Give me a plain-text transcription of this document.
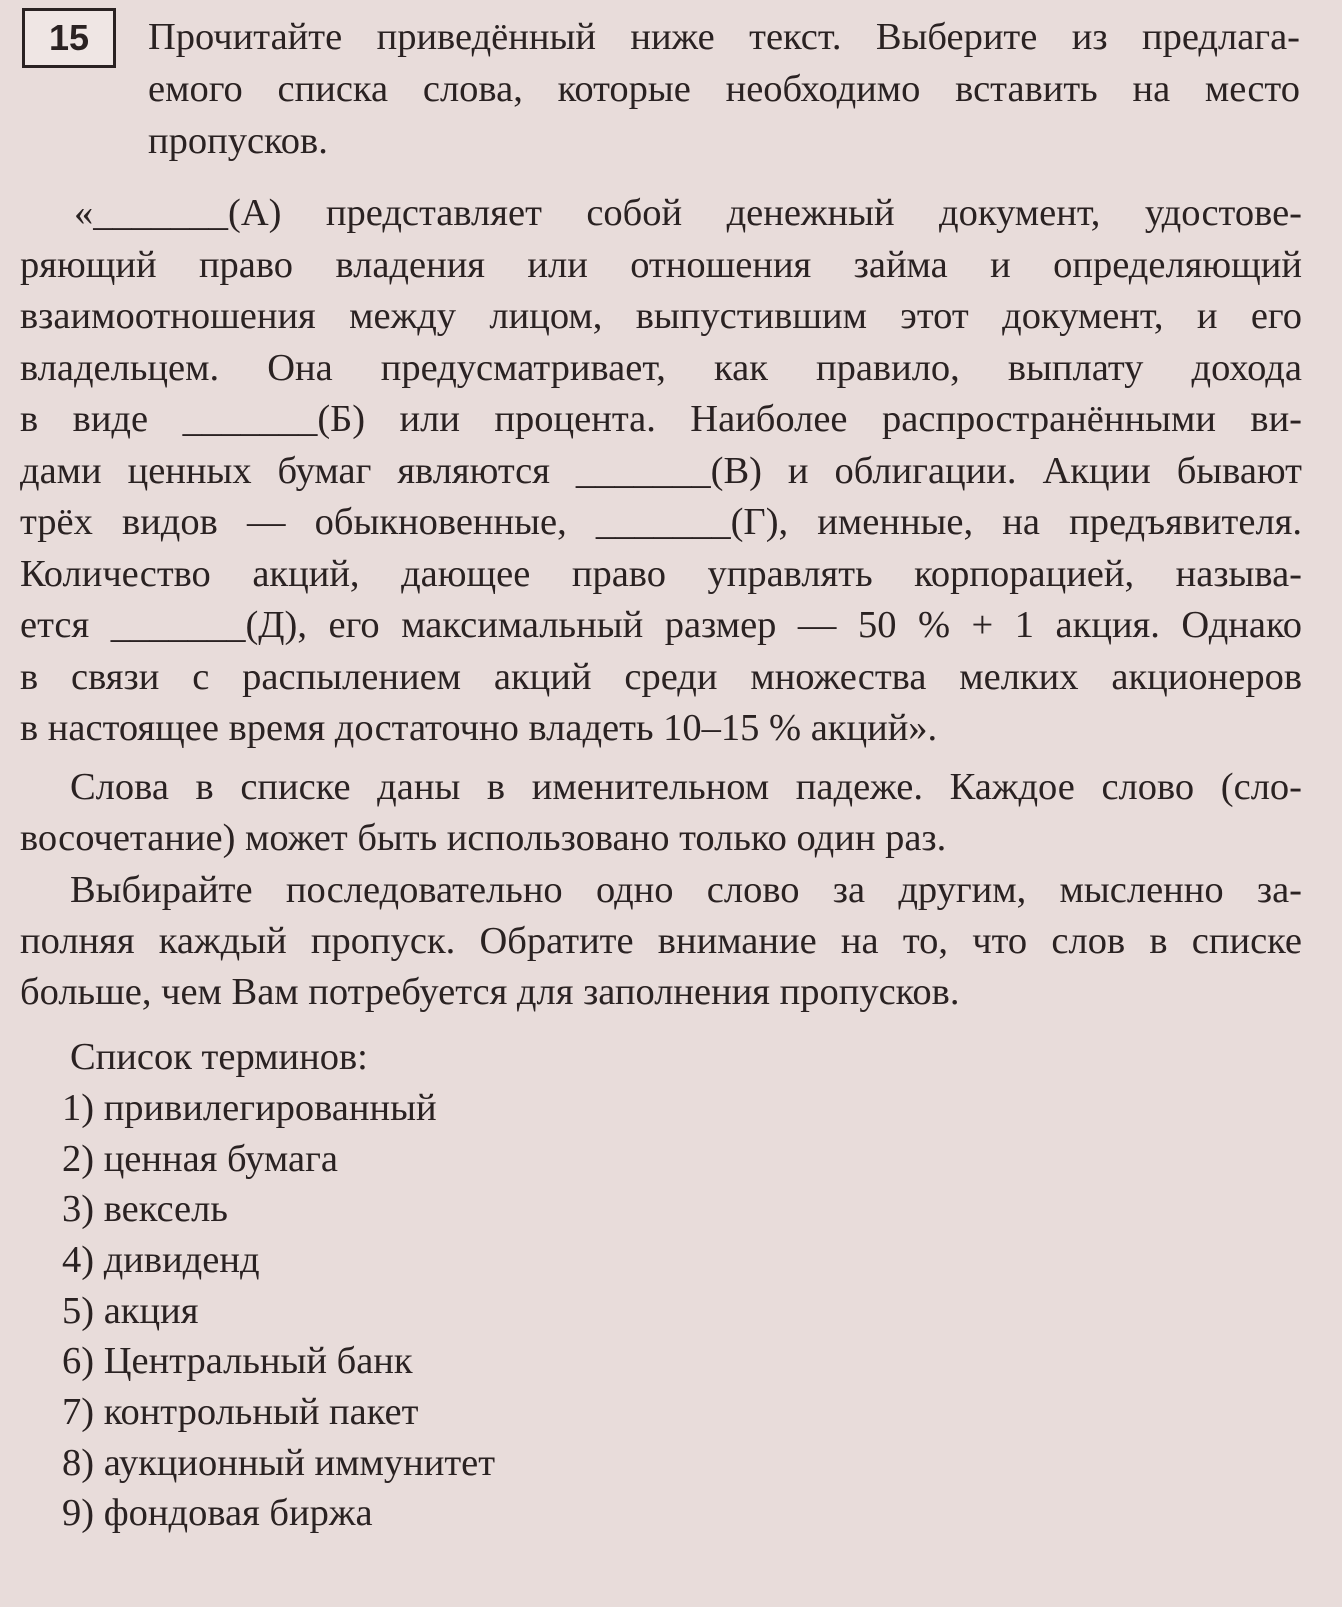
15 Прочитайте приведённый ниже текст. Выберите из предлага-
емого списка слова, которые необходимо вставить на место
пропусков.
«_______(А) представляет собой денежный документ, удостове-
ряющий право владения или отношения займа и определяющий
взаимоотношения между лицом, выпустившим этот документ, и его
владельцем. Она предусматривает, как правило, выплату дохода
в виде _______(Б) или процента. Наиболее распространёнными ви-
дами ценных бумаг являются _______(В) и облигации. Акции бывают
трёх видов — обыкновенные, _______(Г), именные, на предъявителя.
Количество акций, дающее право управлять корпорацией, называ-
ется _______(Д), его максимальный размер — 50 % + 1 акция. Однако
в связи с распылением акций среди множества мелких акционеров
в настоящее время достаточно владеть 10–15 % акций».
Слова в списке даны в именительном падеже. Каждое слово (сло-
восочетание) может быть использовано только один раз.
Выбирайте последовательно одно слово за другим, мысленно за-
полняя каждый пропуск. Обратите внимание на то, что слов в списке
больше, чем Вам потребуется для заполнения пропусков.
Список терминов:
1) привилегированный
2) ценная бумага
3) вексель
4) дивиденд
5) акция
6) Центральный банк
7) контрольный пакет
8) аукционный иммунитет
9) фондовая биржа
